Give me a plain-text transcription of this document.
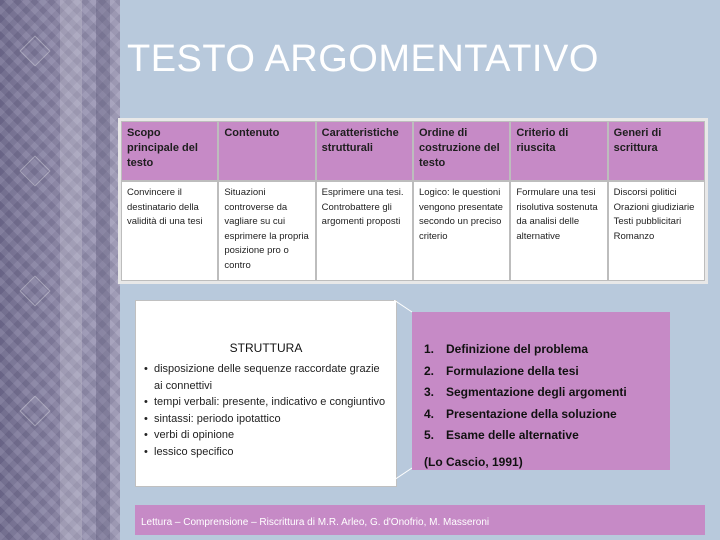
TESTO ARGOMENTATIVO
Scopo principale del testo	Contenuto	Caratteristiche strutturali	Ordine di costruzione del testo	Criterio di riuscita	Generi di scrittura
Convincere il destinatario della validità di una tesi	Situazioni controverse da vagliare su cui esprimere la propria posizione pro o contro	Esprimere una tesi. Controbattere gli argomenti proposti	Logico: le questioni vengono presentate secondo un preciso criterio	Formulare una tesi risolutiva sostenuta da analisi delle alternative	Discorsi politici Orazioni giudiziarie Testi pubblicitari Romanzo
STRUTTURA
• disposizione delle sequenze raccordate grazie ai connettivi
• tempi verbali: presente, indicativo e congiuntivo
• sintassi: periodo ipotattico
• verbi di opinione
• lessico specifico
1. Definizione del problema
2. Formulazione della tesi
3. Segmentazione degli argomenti
4. Presentazione della soluzione
5. Esame delle alternative
(Lo Cascio, 1991)
Lettura – Comprensione – Riscrittura di M.R. Arleo, G. d'Onofrio, M. Masseroni
